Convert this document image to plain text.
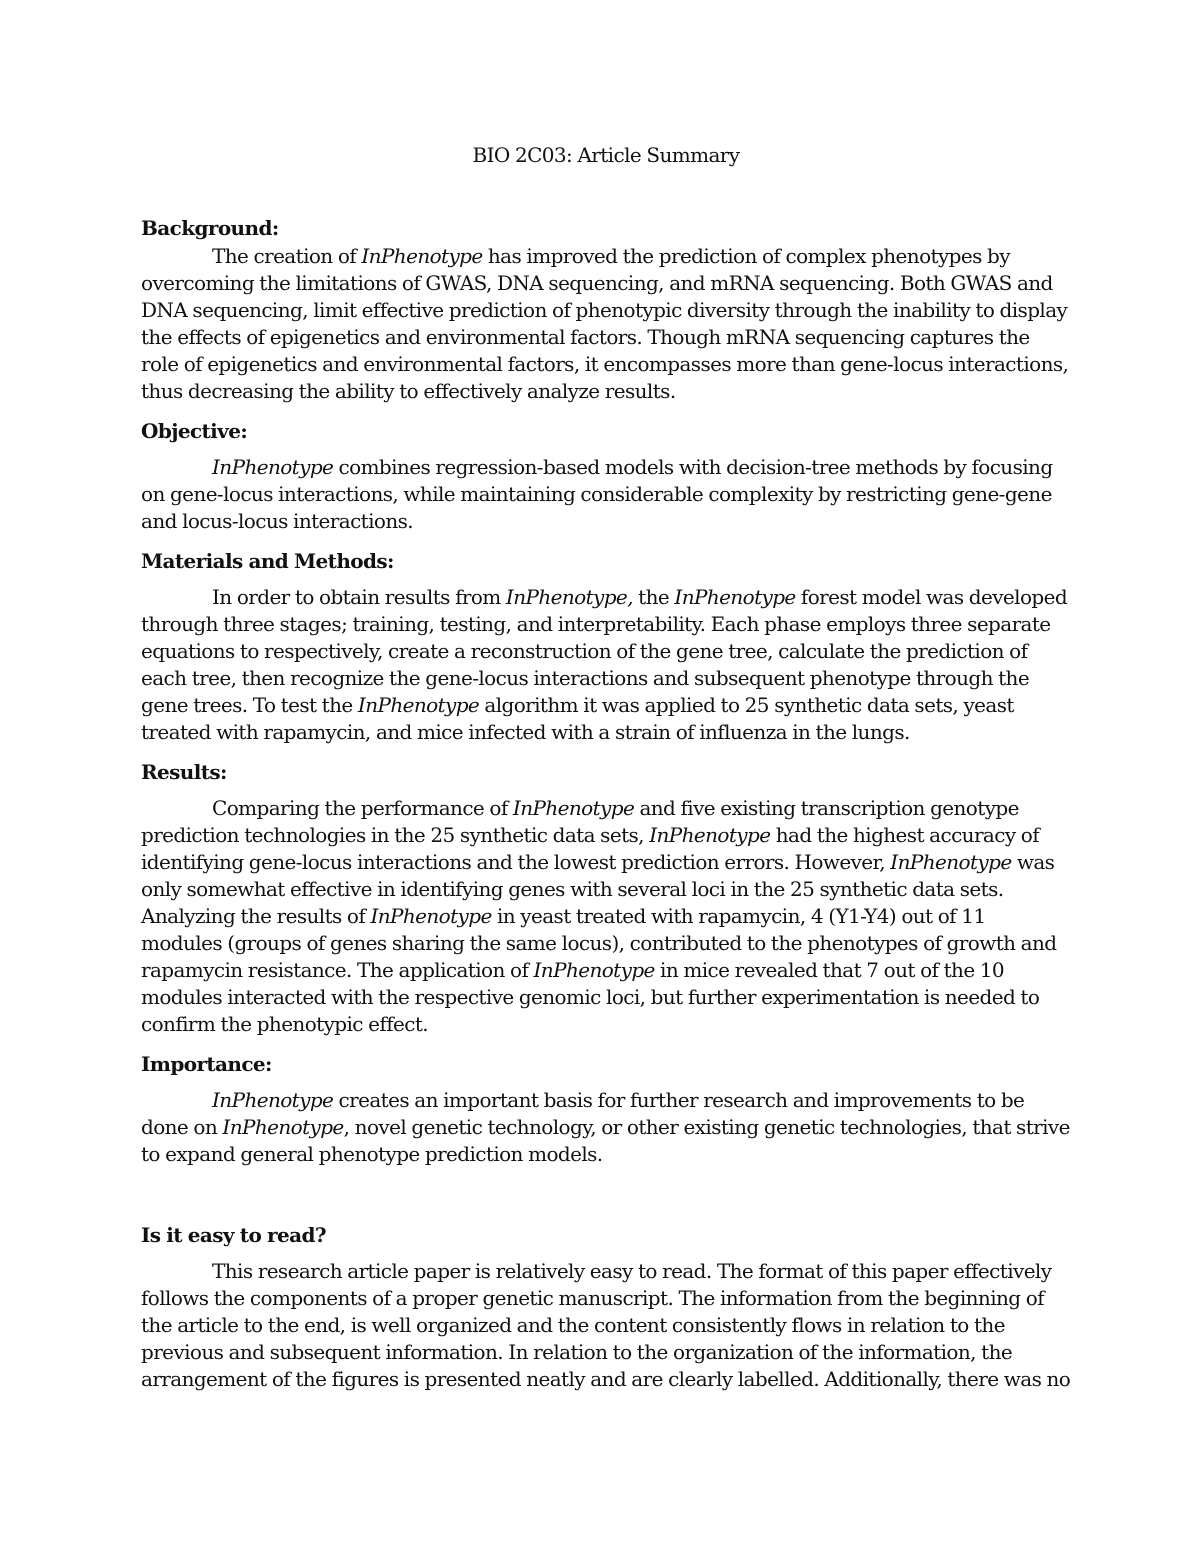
BIO 2C03: Article Summary

Background:

The creation of InPhenotype has improved the prediction of complex phenotypes by overcoming the limitations of GWAS, DNA sequencing, and mRNA sequencing. Both GWAS and DNA sequencing, limit effective prediction of phenotypic diversity through the inability to display the effects of epigenetics and environmental factors. Though mRNA sequencing captures the role of epigenetics and environmental factors, it encompasses more than gene-locus interactions, thus decreasing the ability to effectively analyze results.

Objective:

InPhenotype combines regression-based models with decision-tree methods by focusing on gene-locus interactions, while maintaining considerable complexity by restricting gene-gene and locus-locus interactions.

Materials and Methods:

In order to obtain results from InPhenotype, the InPhenotype forest model was developed through three stages; training, testing, and interpretability. Each phase employs three separate equations to respectively, create a reconstruction of the gene tree, calculate the prediction of each tree, then recognize the gene-locus interactions and subsequent phenotype through the gene trees. To test the InPhenotype algorithm it was applied to 25 synthetic data sets, yeast treated with rapamycin, and mice infected with a strain of influenza in the lungs.

Results:

Comparing the performance of InPhenotype and five existing transcription genotype prediction technologies in the 25 synthetic data sets, InPhenotype had the highest accuracy of identifying gene-locus interactions and the lowest prediction errors. However, InPhenotype was only somewhat effective in identifying genes with several loci in the 25 synthetic data sets. Analyzing the results of InPhenotype in yeast treated with rapamycin, 4 (Y1-Y4) out of 11 modules (groups of genes sharing the same locus), contributed to the phenotypes of growth and rapamycin resistance. The application of InPhenotype in mice revealed that 7 out of the 10 modules interacted with the respective genomic loci, but further experimentation is needed to confirm the phenotypic effect.

Importance:

InPhenotype creates an important basis for further research and improvements to be done on InPhenotype, novel genetic technology, or other existing genetic technologies, that strive to expand general phenotype prediction models.

Is it easy to read?

This research article paper is relatively easy to read. The format of this paper effectively follows the components of a proper genetic manuscript. The information from the beginning of the article to the end, is well organized and the content consistently flows in relation to the previous and subsequent information. In relation to the organization of the information, the arrangement of the figures is presented neatly and are clearly labelled. Additionally, there was no
